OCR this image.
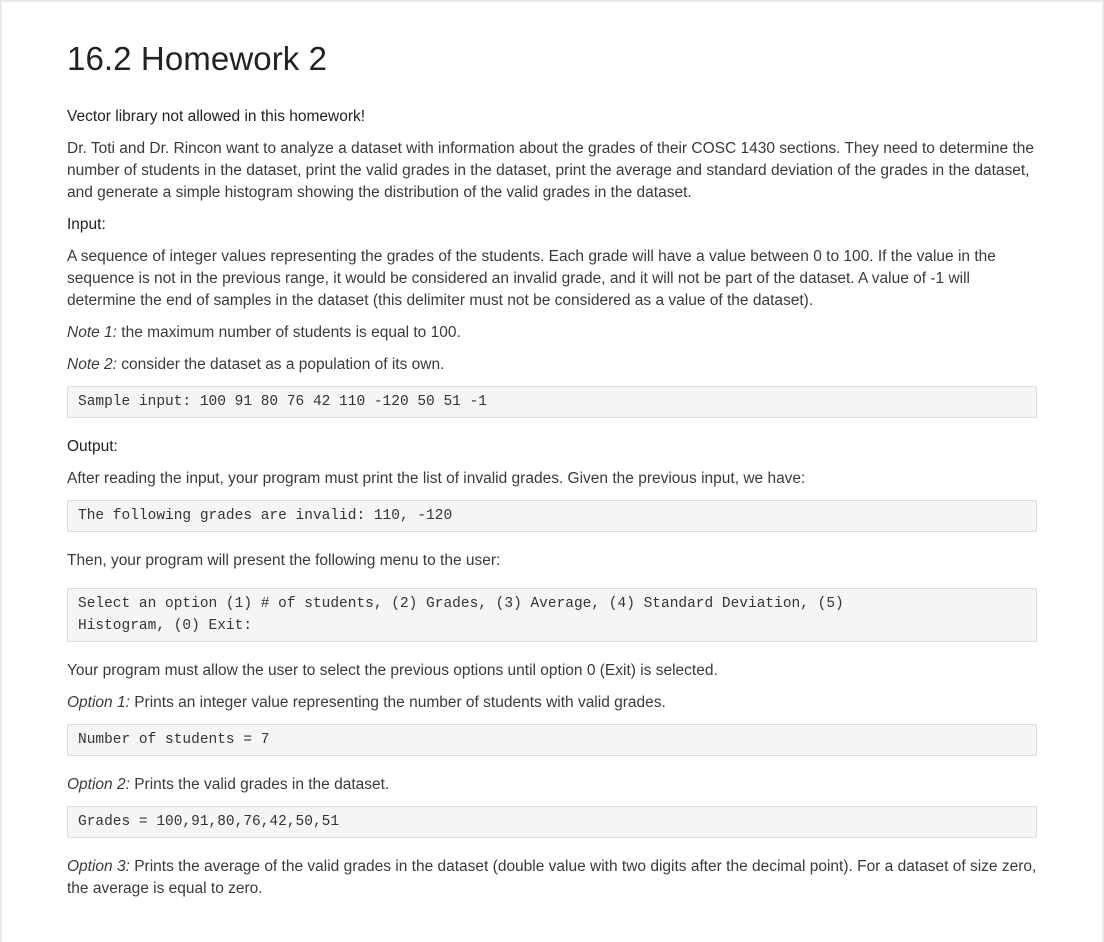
16.2 Homework 2

Vector library not allowed in this homework!

Dr. Toti and Dr. Rincon want to analyze a dataset with information about the grades of their COSC 1430 sections. They need to determine the number of students in the dataset, print the valid grades in the dataset, print the average and standard deviation of the grades in the dataset, and generate a simple histogram showing the distribution of the valid grades in the dataset.

Input:

A sequence of integer values representing the grades of the students. Each grade will have a value between 0 to 100. If the value in the sequence is not in the previous range, it would be considered an invalid grade, and it will not be part of the dataset. A value of -1 will determine the end of samples in the dataset (this delimiter must not be considered as a value of the dataset).

Note 1: the maximum number of students is equal to 100.

Note 2: consider the dataset as a population of its own.

Sample input: 100 91 80 76 42 110 -120 50 51 -1

Output:

After reading the input, your program must print the list of invalid grades. Given the previous input, we have:

The following grades are invalid: 110, -120

Then, your program will present the following menu to the user:

Select an option (1) # of students, (2) Grades, (3) Average, (4) Standard Deviation, (5)
Histogram, (0) Exit:

Your program must allow the user to select the previous options until option 0 (Exit) is selected.

Option 1: Prints an integer value representing the number of students with valid grades.

Number of students = 7

Option 2: Prints the valid grades in the dataset.

Grades = 100,91,80,76,42,50,51

Option 3: Prints the average of the valid grades in the dataset (double value with two digits after the decimal point). For a dataset of size zero, the average is equal to zero.
